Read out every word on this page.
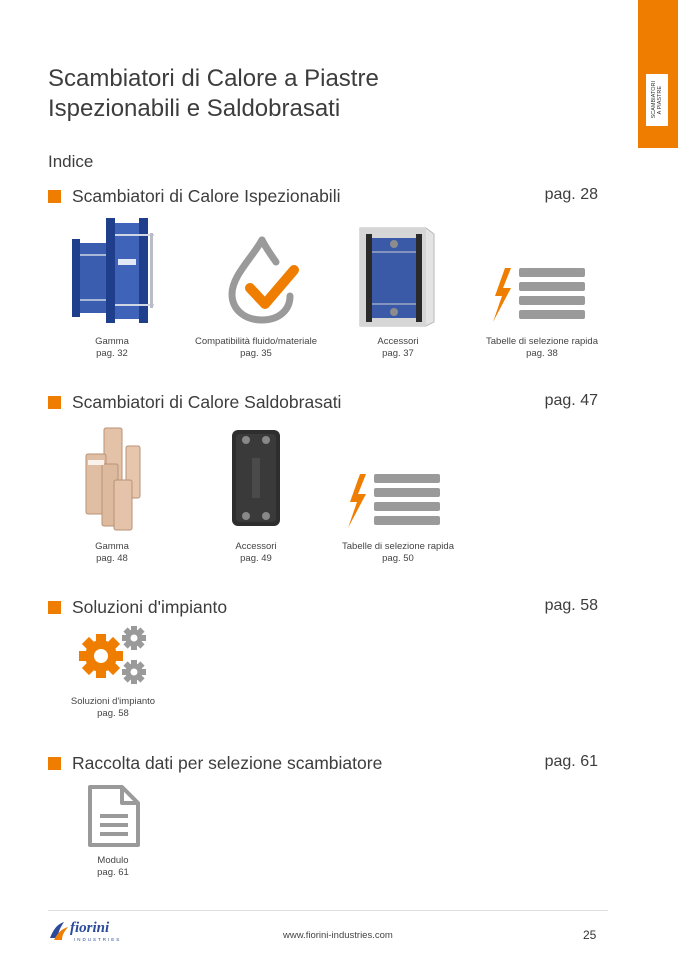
SCAMBIATORI
A PIASTRE
Scambiatori di Calore a Piastre
Ispezionabili e Saldobrasati
Indice
Scambiatori di Calore Ispezionabili	pag. 28
Gamma
pag. 32
Compatibilità fluido/materiale
pag. 35
Accessori
pag. 37
Tabelle di selezione rapida
pag. 38
Scambiatori di Calore Saldobrasati	pag. 47
Gamma
pag. 48
Accessori
pag. 49
Tabelle di selezione rapida
pag. 50
Soluzioni d'impianto	pag. 58
Soluzioni d'impianto
pag. 58
Raccolta dati per selezione scambiatore	pag. 61
Modulo
pag. 61
fiorini
INDUSTRIES	www.fiorini-industries.com	25
